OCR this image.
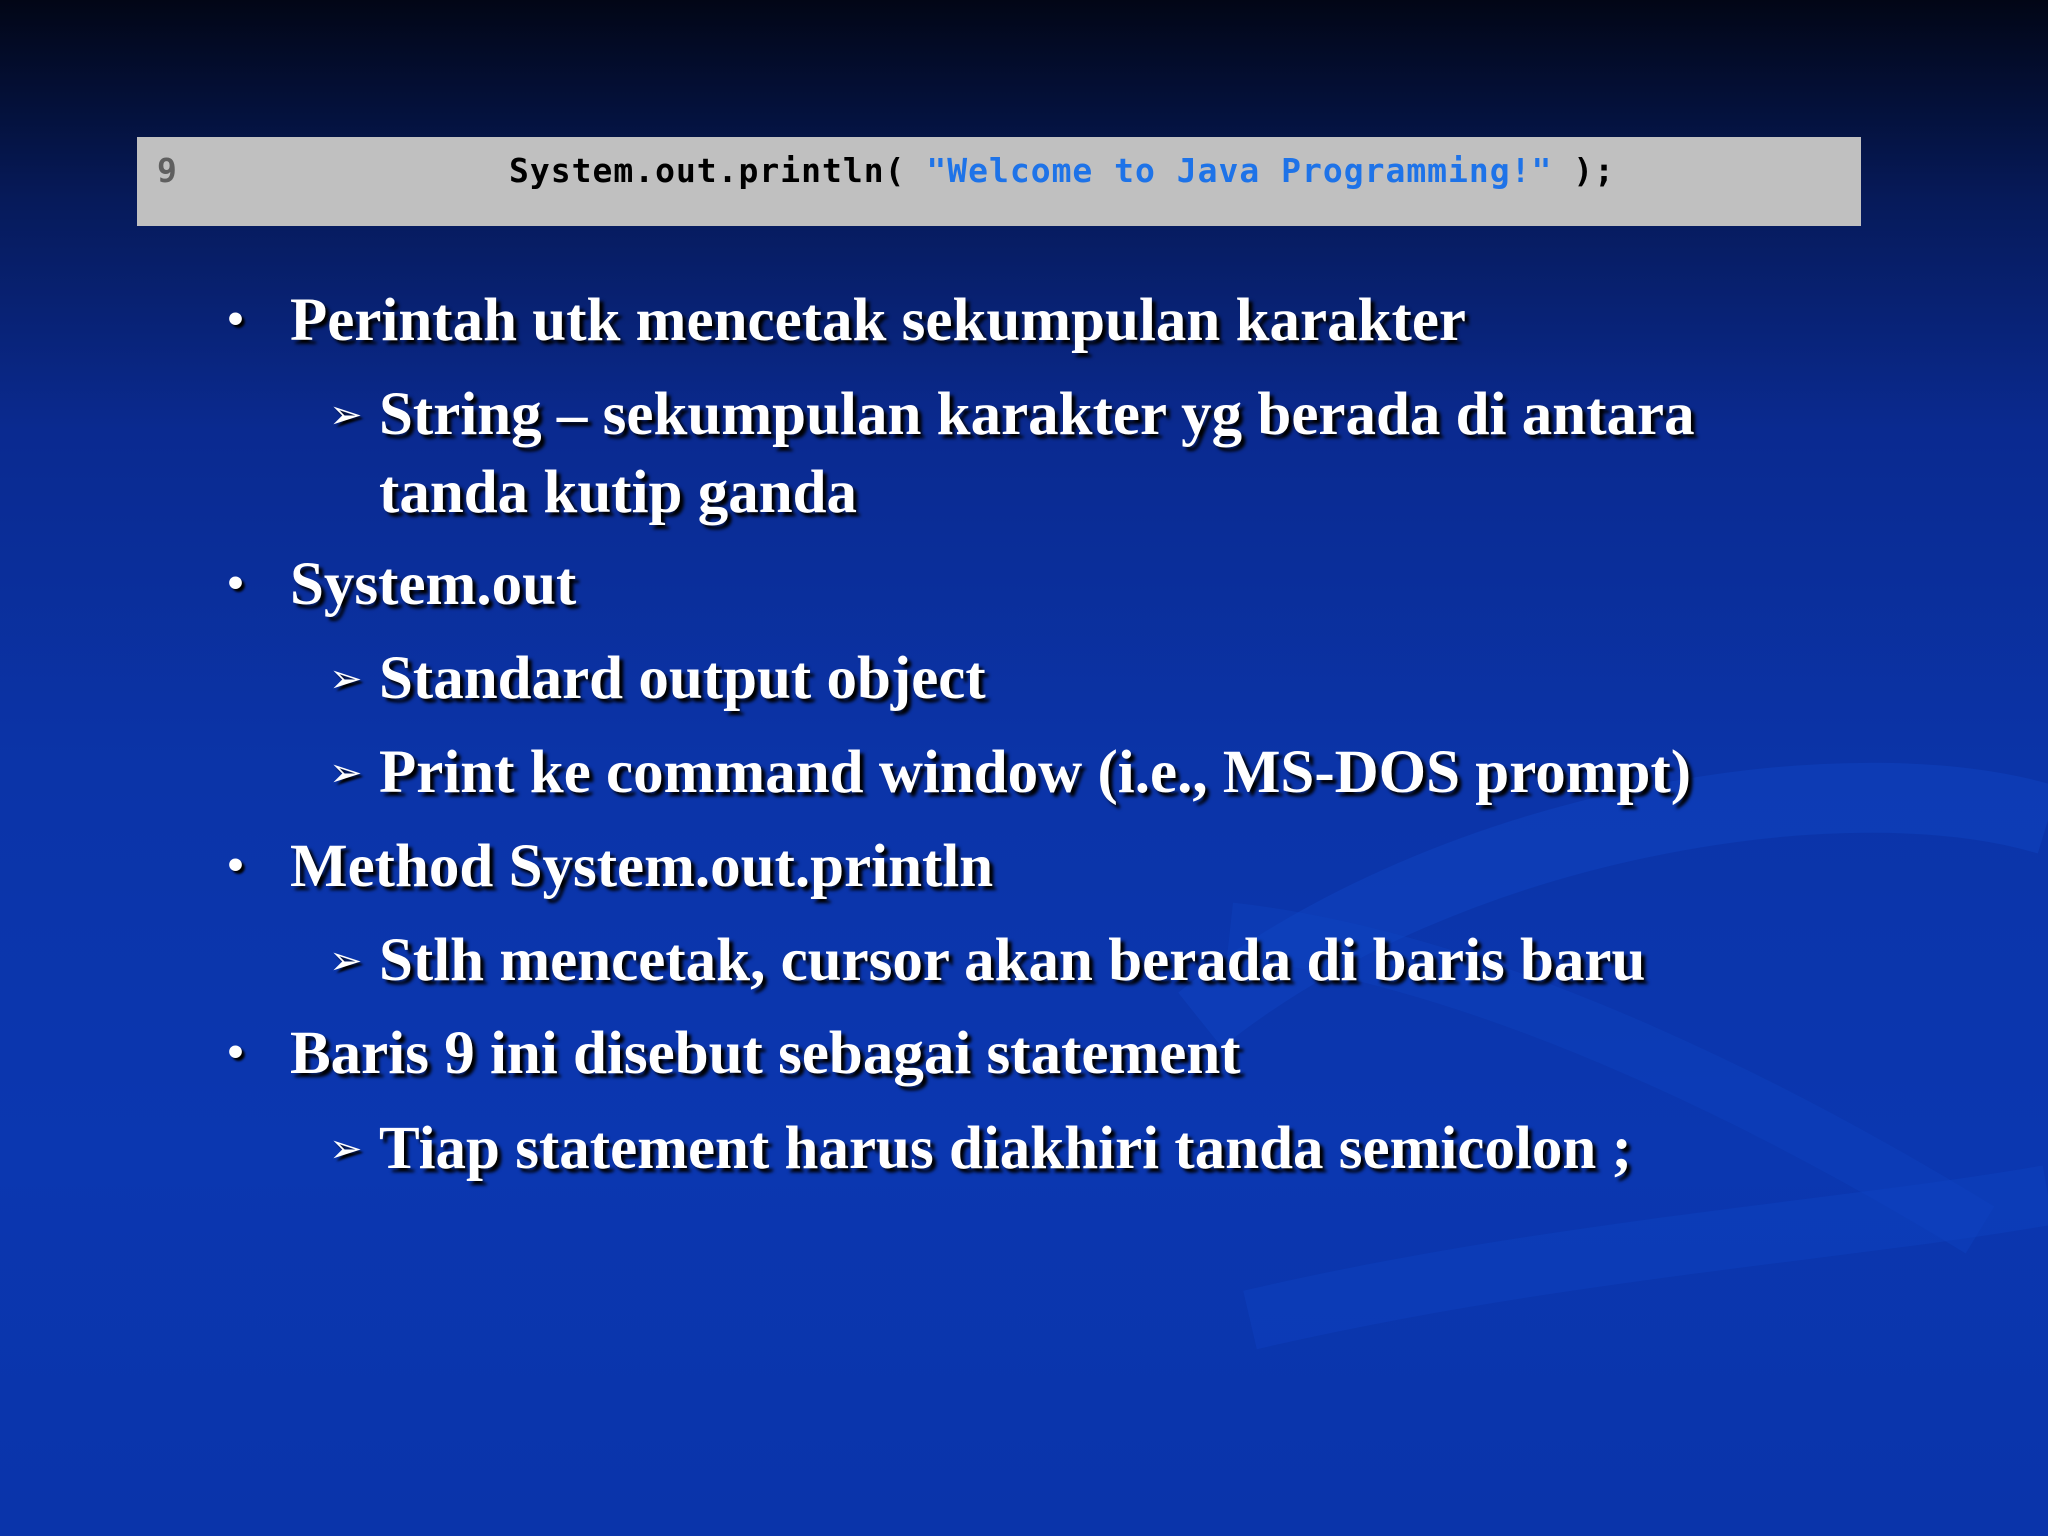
9	System.out.println( "Welcome to Java Programming!" );
• Perintah utk mencetak sekumpulan karakter
➢ String – sekumpulan karakter yg berada di antara
tanda kutip ganda
• System.out
➢ Standard output object
➢ Print ke command window (i.e., MS-DOS prompt)
• Method System.out.println
➢ Stlh mencetak, cursor akan berada di baris baru
• Baris 9 ini disebut sebagai statement
➢ Tiap statement harus diakhiri tanda semicolon ;
